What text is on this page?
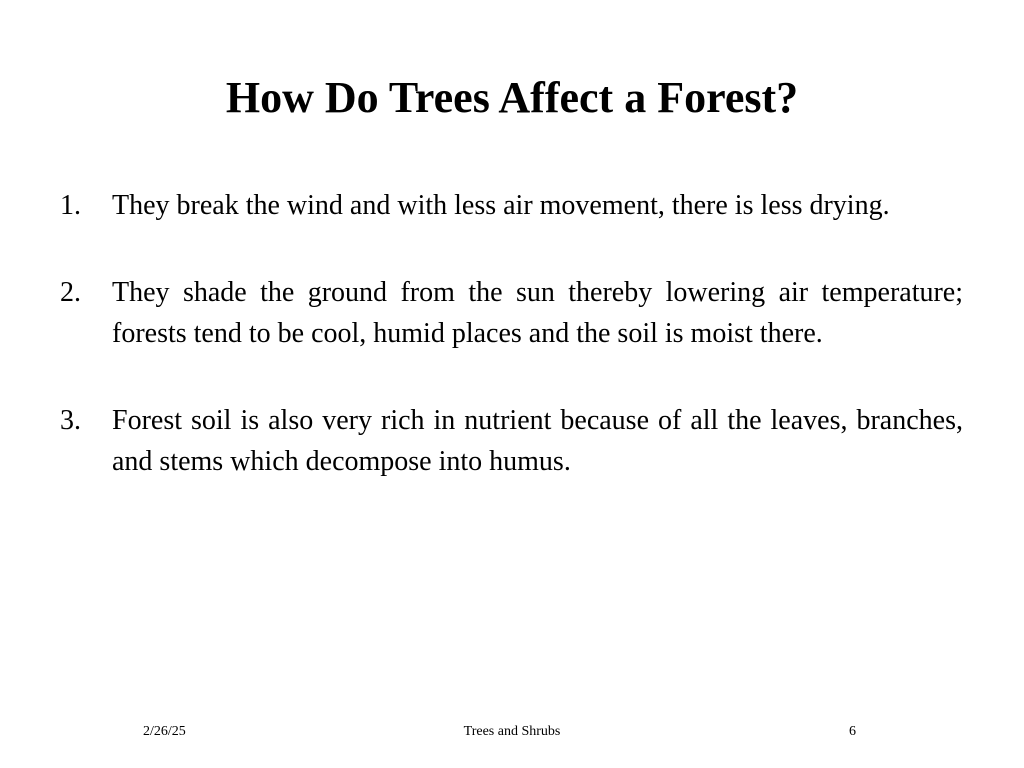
How Do Trees Affect a Forest?
1. They break the wind and with less air movement, there is less drying.
2. They shade the ground from the sun thereby lowering air temperature; forests tend to be cool, humid places and the soil is moist there.
3. Forest soil is also very rich in nutrient because of all the leaves, branches, and stems which decompose into humus.
2/26/25	Trees and Shrubs	6
